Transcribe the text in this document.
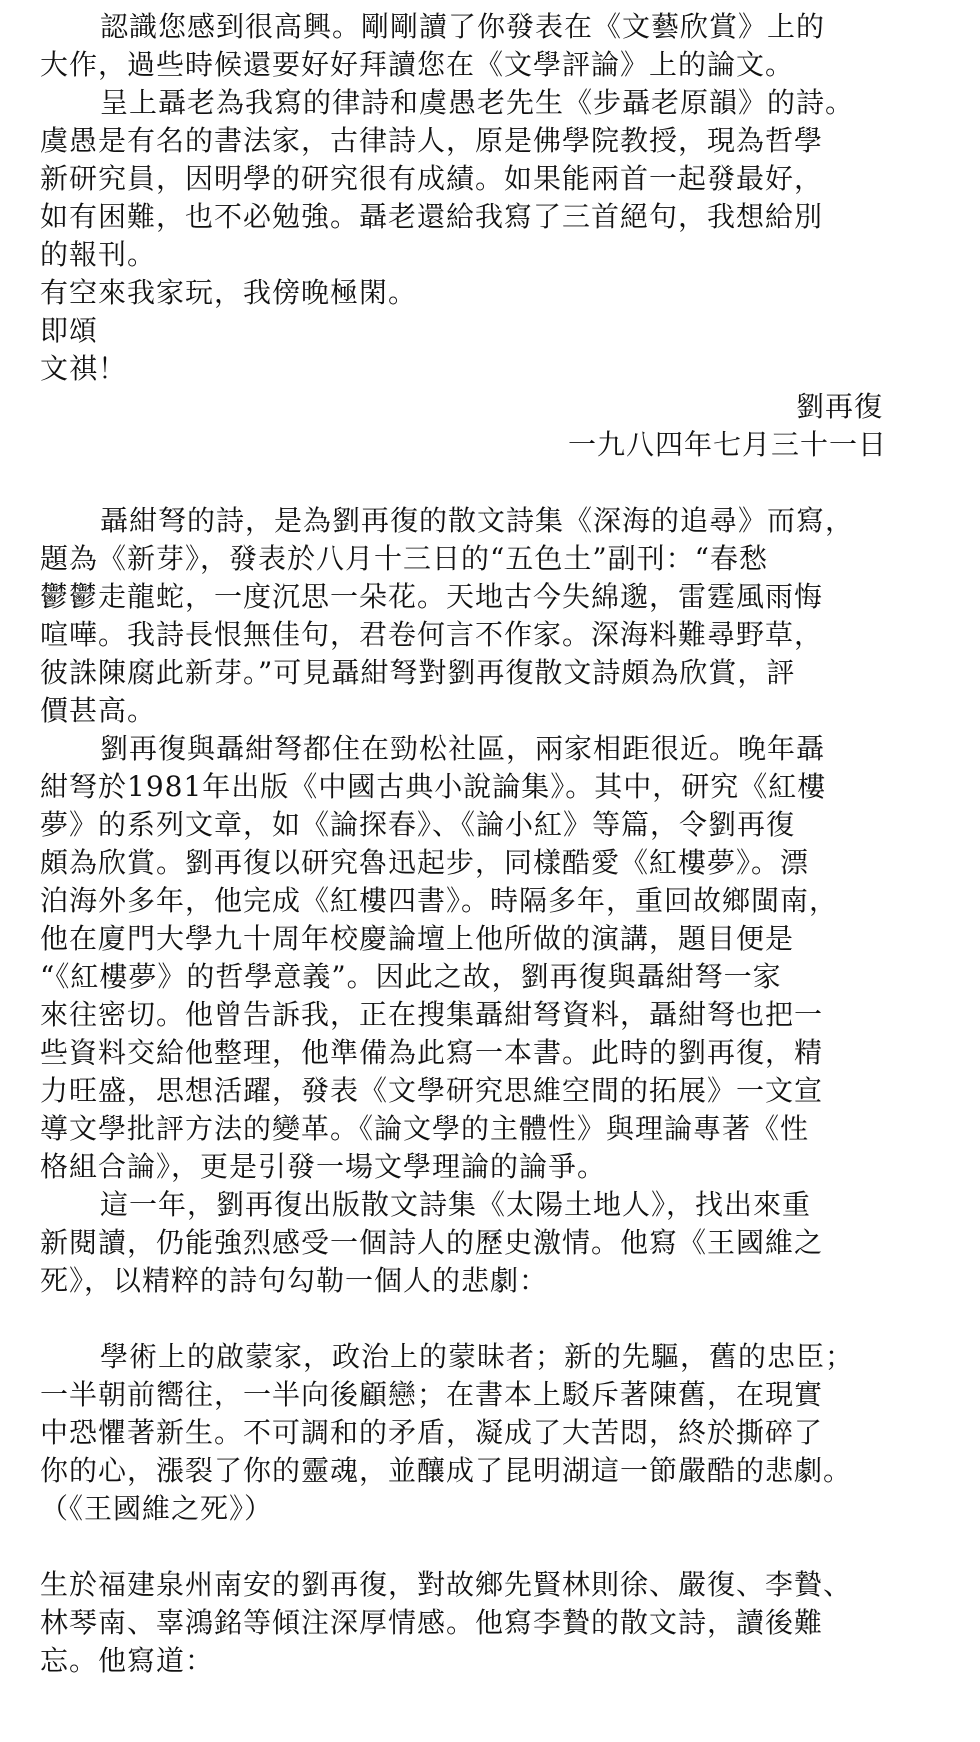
認識您感到很高興。剛剛讀了你發表在《文藝欣賞》上的
大作，過些時候還要好好拜讀您在《文學評論》上的論文。
呈上聶老為我寫的律詩和虞愚老先生《步聶老原韻》的詩。
虞愚是有名的書法家，古律詩人，原是佛學院教授，現為哲學
新研究員，因明學的研究很有成績。如果能兩首一起發最好，
如有困難，也不必勉強。聶老還給我寫了三首絕句，我想給別
的報刊。
有空來我家玩，我傍晚極閑。
即頌
文祺！
劉再復
一九八四年七月三十一日
聶紺弩的詩，是為劉再復的散文詩集《深海的追尋》而寫，
題為《新芽》，發表於八月十三日的“五色土”副刊：“春愁
鬱鬱走龍蛇，一度沉思一朵花。天地古今失綿邈，雷霆風雨悔
喧嘩。我詩長恨無佳句，君卷何言不作家。深海料難尋野草，
彼誅陳腐此新芽。”可見聶紺弩對劉再復散文詩頗為欣賞，評
價甚高。
劉再復與聶紺弩都住在勁松社區，兩家相距很近。晚年聶
紺弩於1981年出版《中國古典小說論集》。其中，研究《紅樓
夢》的系列文章，如《論探春》、《論小紅》等篇，令劉再復
頗為欣賞。劉再復以研究魯迅起步，同樣酷愛《紅樓夢》。漂
泊海外多年，他完成《紅樓四書》。時隔多年，重回故鄉閩南，
他在廈門大學九十周年校慶論壇上他所做的演講，題目便是
“《紅樓夢》的哲學意義”。因此之故，劉再復與聶紺弩一家
來往密切。他曾告訴我，正在搜集聶紺弩資料，聶紺弩也把一
些資料交給他整理，他準備為此寫一本書。此時的劉再復，精
力旺盛，思想活躍，發表《文學研究思維空間的拓展》一文宣
導文學批評方法的變革。《論文學的主體性》與理論專著《性
格組合論》，更是引發一場文學理論的論爭。
這一年，劉再復出版散文詩集《太陽土地人》，找出來重
新閱讀，仍能強烈感受一個詩人的歷史激情。他寫《王國維之
死》，以精粹的詩句勾勒一個人的悲劇：
學術上的啟蒙家，政治上的蒙昧者；新的先驅，舊的忠臣；
一半朝前嚮往，一半向後顧戀；在書本上駁斥著陳舊，在現實
中恐懼著新生。不可調和的矛盾，凝成了大苦悶，終於撕碎了
你的心，漲裂了你的靈魂，並釀成了昆明湖這一節嚴酷的悲劇。
（《王國維之死》）
生於福建泉州南安的劉再復，對故鄉先賢林則徐、嚴復、李贄、
林琴南、辜鴻銘等傾注深厚情感。他寫李贄的散文詩，讀後難
忘。他寫道：
